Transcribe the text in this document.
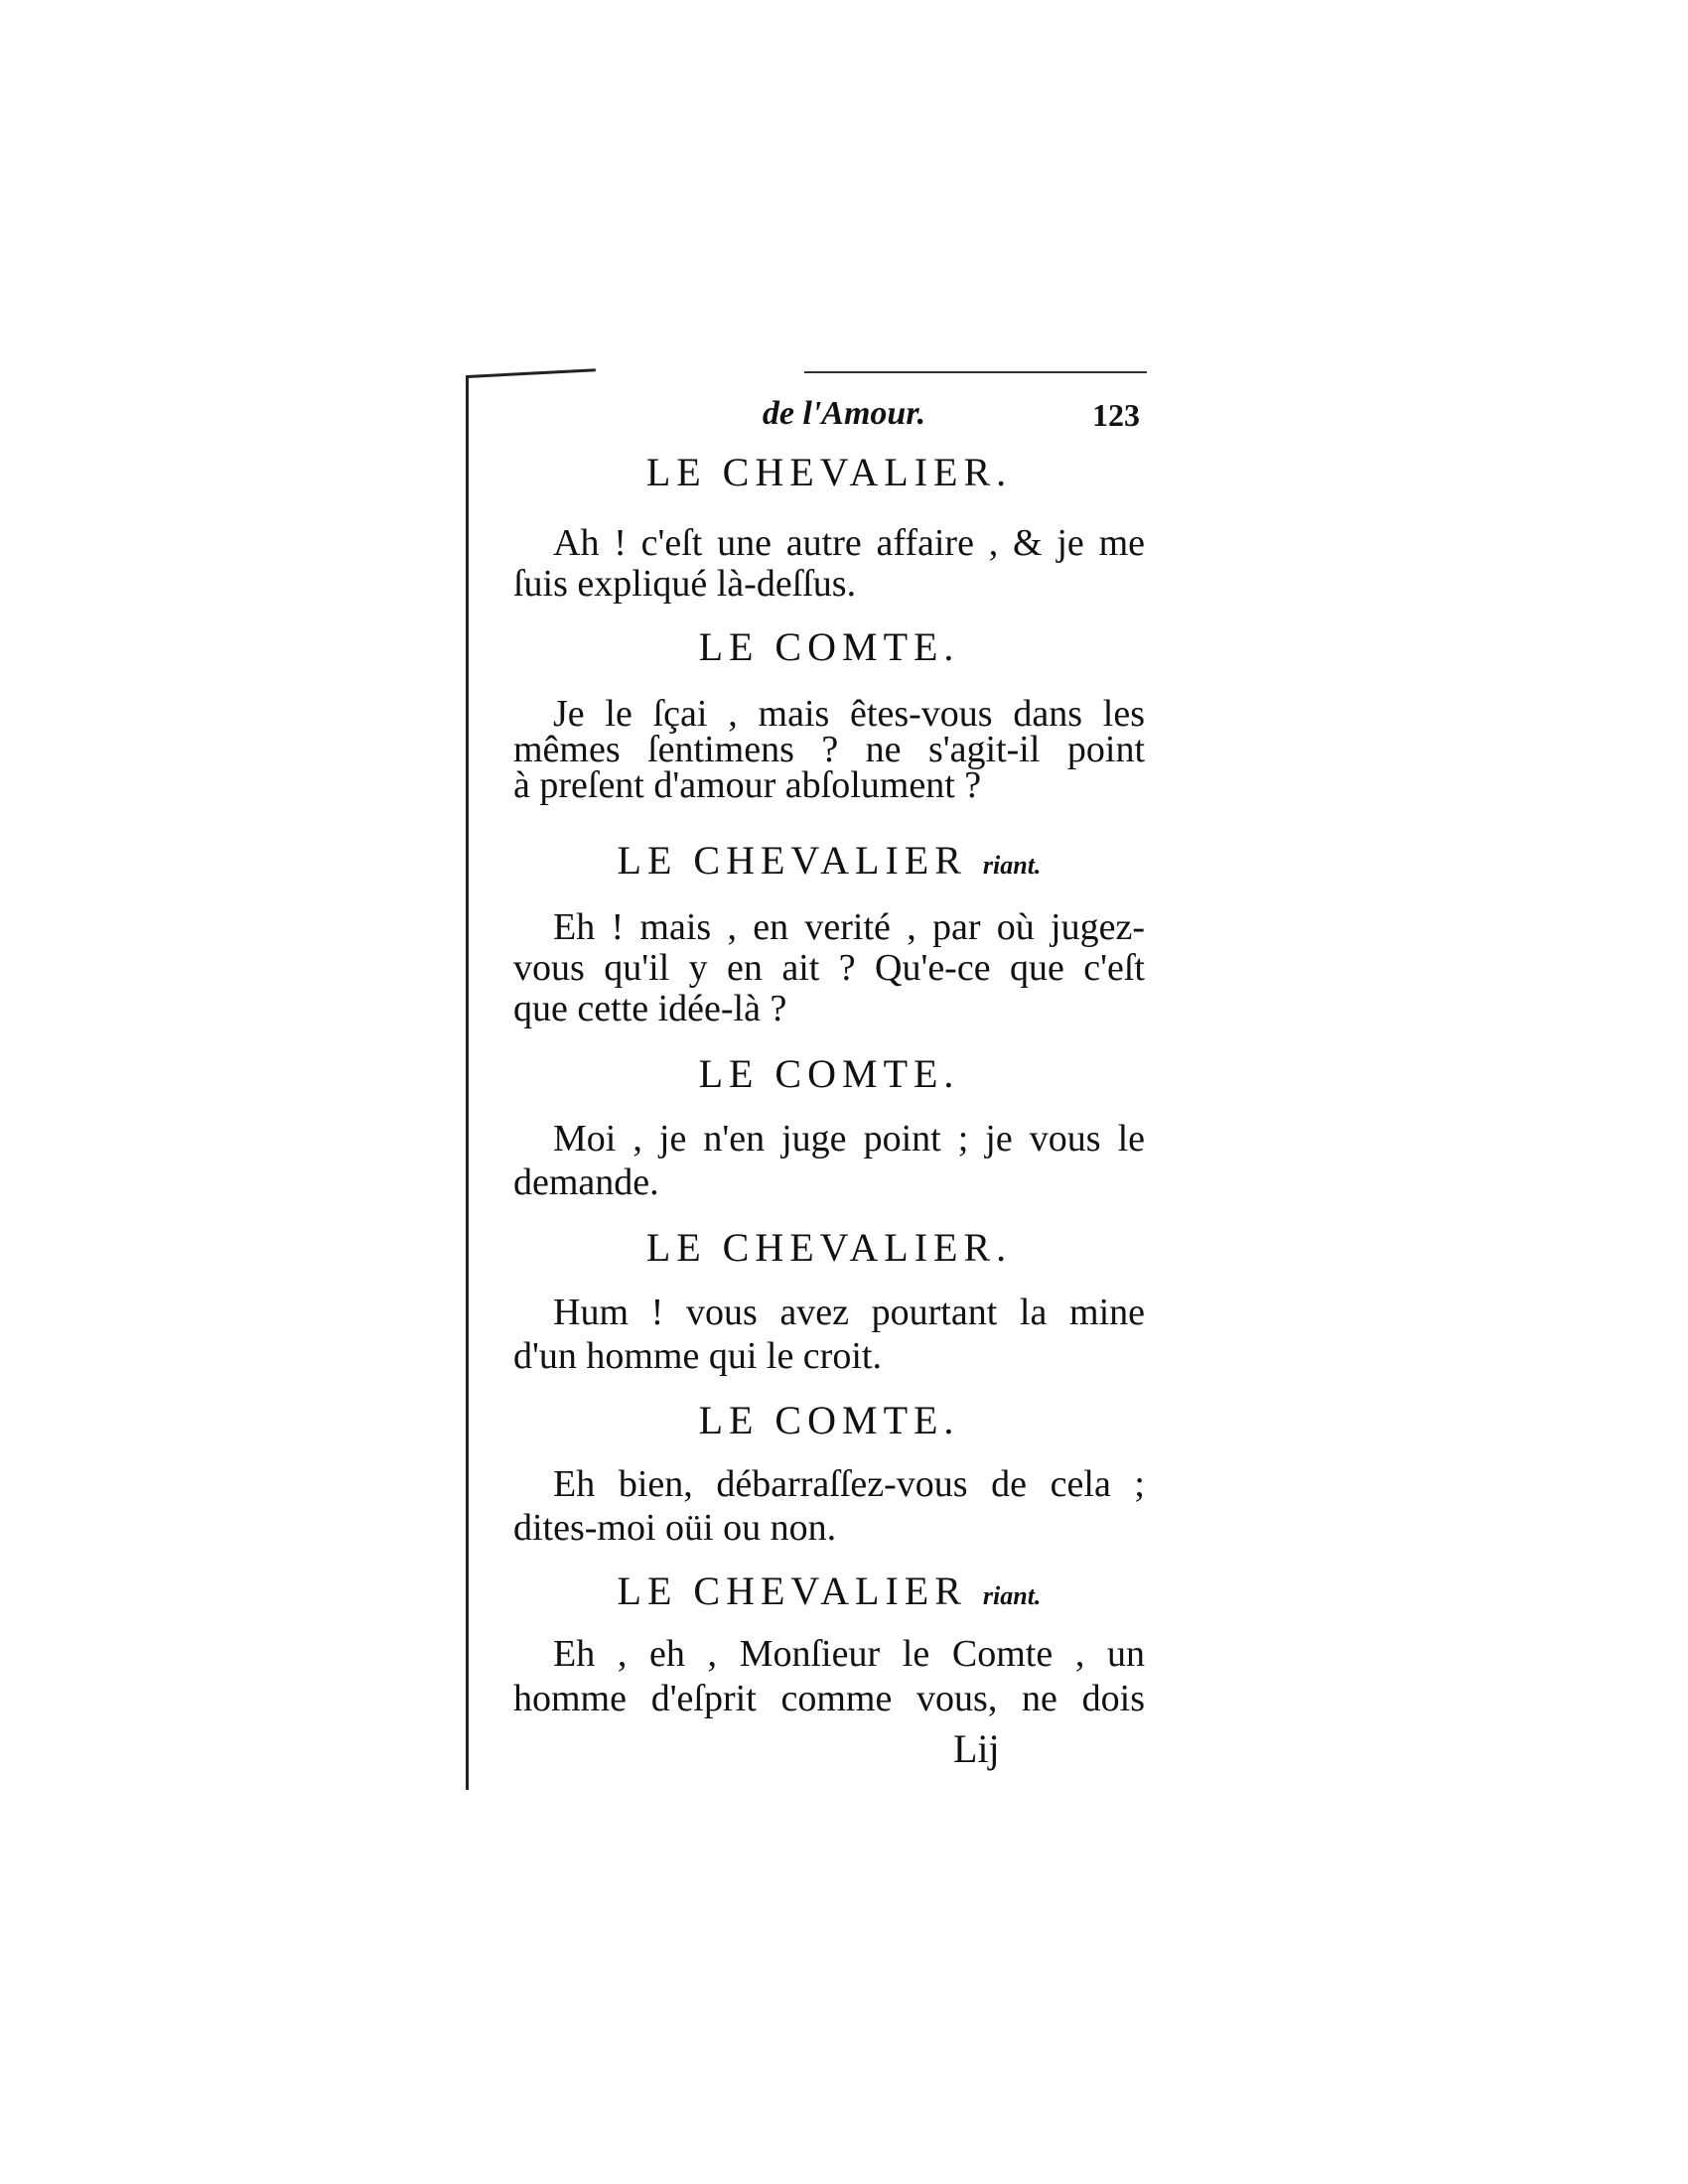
de l'Amour.	123
LE CHEVALIER.
Ah ! c'eſt une autre affaire , & je me
ſuis expliqué là-deſſus.
LE COMTE.
Je le ſçai , mais êtes-vous dans les
mêmes ſentimens ? ne s'agit-il point
à preſent d'amour abſolument ?
LE CHEVALIER riant.
Eh ! mais , en verité , par où jugez-
vous qu'il y en ait ? Qu'e-ce que c'eſt
que cette idée-là ?
LE COMTE.
Moi , je n'en juge point ; je vous le
demande.
LE CHEVALIER.
Hum ! vous avez pourtant la mine
d'un homme qui le croit.
LE COMTE.
Eh bien, débarraſſez-vous de cela ;
dites-moi oüi ou non.
LE CHEVALIER riant.
Eh , eh , Monſieur le Comte , un
homme d'eſprit comme vous, ne dois
Lij
